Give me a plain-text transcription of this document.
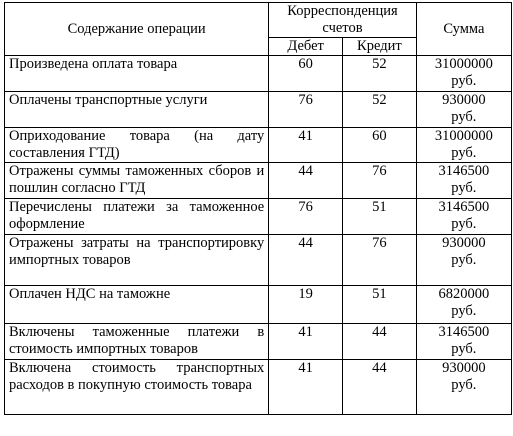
Содержание операции	Корреспонденция счетов		Сумма
	Дебет	Кредит	
Произведена оплата товара	60	52	31000000
руб.

Оплачены транспортные услуги	76	52	930000
руб.

Оприходование товара (на дату составления ГТД)	41	60	31000000
руб.

Отражены суммы таможенных сборов и пошлин согласно ГТД	44	76	3146500
руб.

Перечислены платежи за таможенное оформление	76	51	3146500
руб.

Отражены затраты на транспортировку импортных товаров	44	76	930000
руб.

Оплачен НДС на таможне	19	51	6820000
руб.

Включены таможенные платежи в стоимость импортных товаров	41	44	3146500
руб.

Включена стоимость транспортных расходов в покупную стоимость товара	41	44	930000
руб.
